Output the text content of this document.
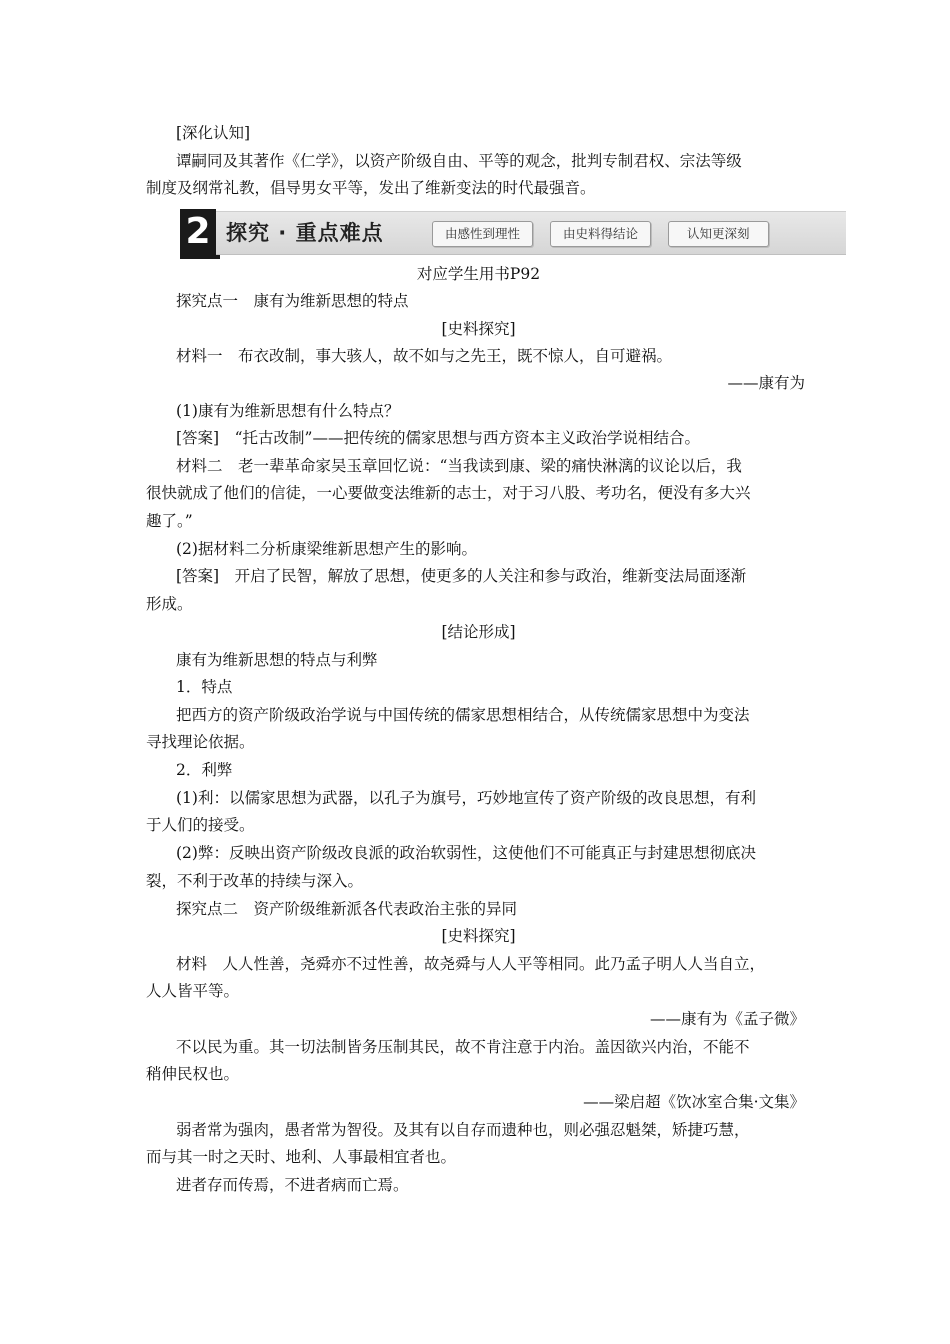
[深化认知]
谭嗣同及其著作《仁学》，以资产阶级自由、平等的观念，批判专制君权、宗法等级
制度及纲常礼教，倡导男女平等，发出了维新变法的时代最强音。
2 探究 · 重点难点	由感性到理性	由史料得结论	认知更深刻
对应学生用书P92
探究点一　康有为维新思想的特点
[史料探究]
材料一　布衣改制，事大骇人，故不如与之先王，既不惊人，自可避祸。
——康有为
(1)康有为维新思想有什么特点？
[答案]　“托古改制”——把传统的儒家思想与西方资本主义政治学说相结合。
材料二　老一辈革命家吴玉章回忆说：“当我读到康、梁的痛快淋漓的议论以后，我
很快就成了他们的信徒，一心要做变法维新的志士，对于习八股、考功名，便没有多大兴
趣了。”
(2)据材料二分析康梁维新思想产生的影响。
[答案]　开启了民智，解放了思想，使更多的人关注和参与政治，维新变法局面逐渐
形成。
[结论形成]
康有为维新思想的特点与利弊
1．特点
把西方的资产阶级政治学说与中国传统的儒家思想相结合，从传统儒家思想中为变法
寻找理论依据。
2．利弊
(1)利：以儒家思想为武器，以孔子为旗号，巧妙地宣传了资产阶级的改良思想，有利
于人们的接受。
(2)弊：反映出资产阶级改良派的政治软弱性，这使他们不可能真正与封建思想彻底决
裂，不利于改革的持续与深入。
探究点二　资产阶级维新派各代表政治主张的异同
[史料探究]
材料　人人性善，尧舜亦不过性善，故尧舜与人人平等相同。此乃孟子明人人当自立，
人人皆平等。
——康有为《孟子微》
不以民为重。其一切法制皆务压制其民，故不肯注意于内治。盖因欲兴内治，不能不
稍伸民权也。
——梁启超《饮冰室合集·文集》
弱者常为强肉，愚者常为智役。及其有以自存而遗种也，则必强忍魁桀，矫捷巧慧，
而与其一时之天时、地利、人事最相宜者也。
进者存而传焉，不进者病而亡焉。
